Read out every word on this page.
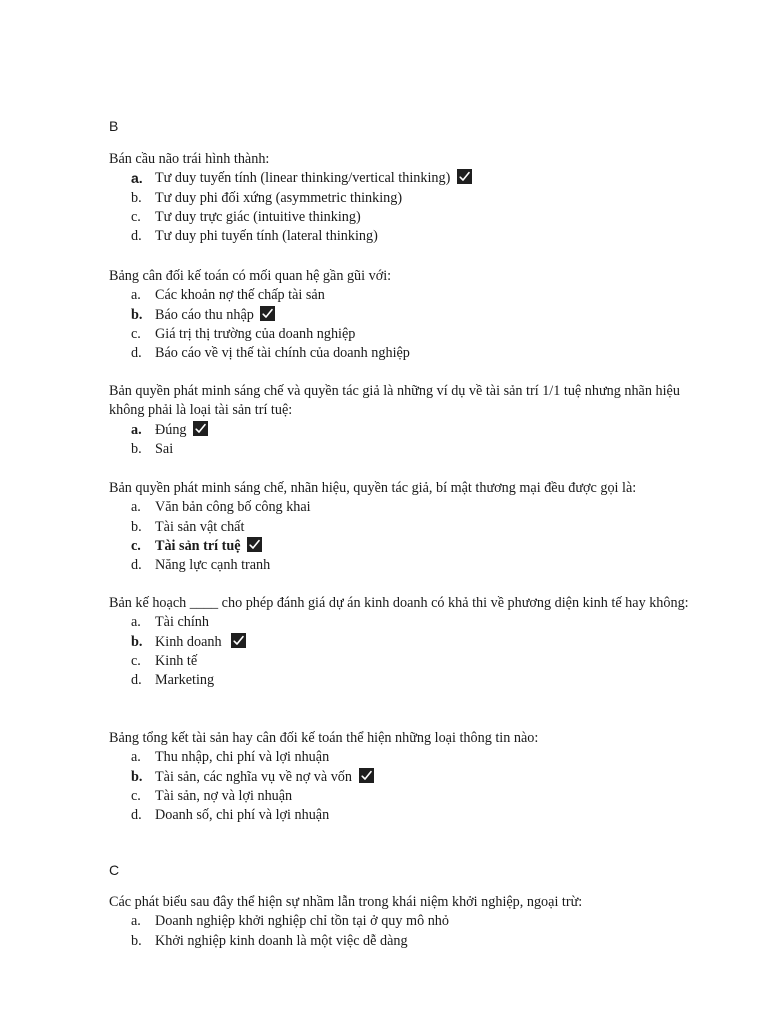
B

Bán cầu não trái hình thành:

a. Tư duy tuyến tính (linear thinking/vertical thinking)
b. Tư duy phi đối xứng (asymmetric thinking)
c. Tư duy trực giác (intuitive thinking)
d. Tư duy phi tuyến tính (lateral thinking)

Bảng cân đối kế toán có mối quan hệ gần gũi với:

a. Các khoản nợ thế chấp tài sản
b. Báo cáo thu nhập
c. Giá trị thị trường của doanh nghiệp
d. Báo cáo về vị thế tài chính của doanh nghiệp

Bản quyền phát minh sáng chế và quyền tác giả là những ví dụ về tài sản trí 1/1 tuệ nhưng nhãn hiệu không phải là loại tài sản trí tuệ:

a. Đúng
b. Sai

Bản quyền phát minh sáng chế, nhãn hiệu, quyền tác giả, bí mật thương mại đều được gọi là:

a. Văn bản công bố công khai
b. Tài sản vật chất
c. Tài sản trí tuệ
d. Năng lực cạnh tranh

Bản kế hoạch ____ cho phép đánh giá dự án kinh doanh có khả thi về phương diện kinh tế hay không:

a. Tài chính
b. Kinh doanh
c. Kinh tế
d. Marketing

Bảng tổng kết tài sản hay cân đối kế toán thể hiện những loại thông tin nào:

a. Thu nhập, chi phí và lợi nhuận
b. Tài sản, các nghĩa vụ về nợ và vốn
c. Tài sản, nợ và lợi nhuận
d. Doanh số, chi phí và lợi nhuận
C

Các phát biểu sau đây thể hiện sự nhầm lẫn trong khái niệm khởi nghiệp, ngoại trừ:

a. Doanh nghiệp khởi nghiệp chỉ tồn tại ở quy mô nhỏ
b. Khởi nghiệp kinh doanh là một việc dễ dàng
